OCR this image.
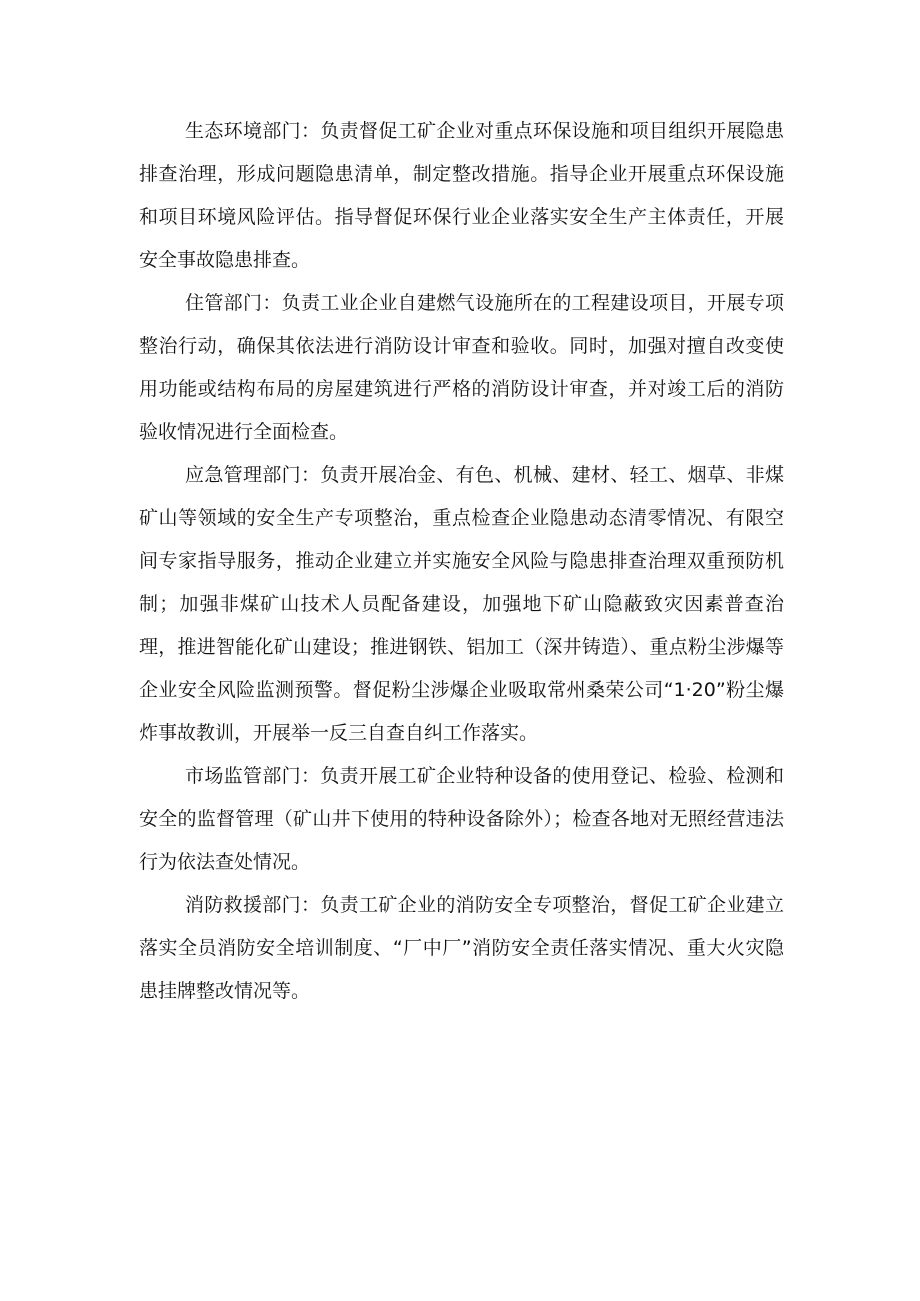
生态环境部门：负责督促工矿企业对重点环保设施和项目组织开展隐患排查治理，形成问题隐患清单，制定整改措施。指导企业开展重点环保设施和项目环境风险评估。指导督促环保行业企业落实安全生产主体责任，开展安全事故隐患排查。

住管部门：负责工业企业自建燃气设施所在的工程建设项目，开展专项整治行动，确保其依法进行消防设计审查和验收。同时，加强对擅自改变使用功能或结构布局的房屋建筑进行严格的消防设计审查，并对竣工后的消防验收情况进行全面检查。

应急管理部门：负责开展冶金、有色、机械、建材、轻工、烟草、非煤矿山等领域的安全生产专项整治，重点检查企业隐患动态清零情况、有限空间专家指导服务，推动企业建立并实施安全风险与隐患排查治理双重预防机制；加强非煤矿山技术人员配备建设，加强地下矿山隐蔽致灾因素普查治理，推进智能化矿山建设；推进钢铁、铝加工（深井铸造）、重点粉尘涉爆等企业安全风险监测预警。督促粉尘涉爆企业吸取常州桑荣公司“1·20”粉尘爆炸事故教训，开展举一反三自查自纠工作落实。

市场监管部门：负责开展工矿企业特种设备的使用登记、检验、检测和安全的监督管理（矿山井下使用的特种设备除外）；检查各地对无照经营违法行为依法查处情况。

消防救援部门：负责工矿企业的消防安全专项整治，督促工矿企业建立落实全员消防安全培训制度、“厂中厂”消防安全责任落实情况、重大火灾隐患挂牌整改情况等。
